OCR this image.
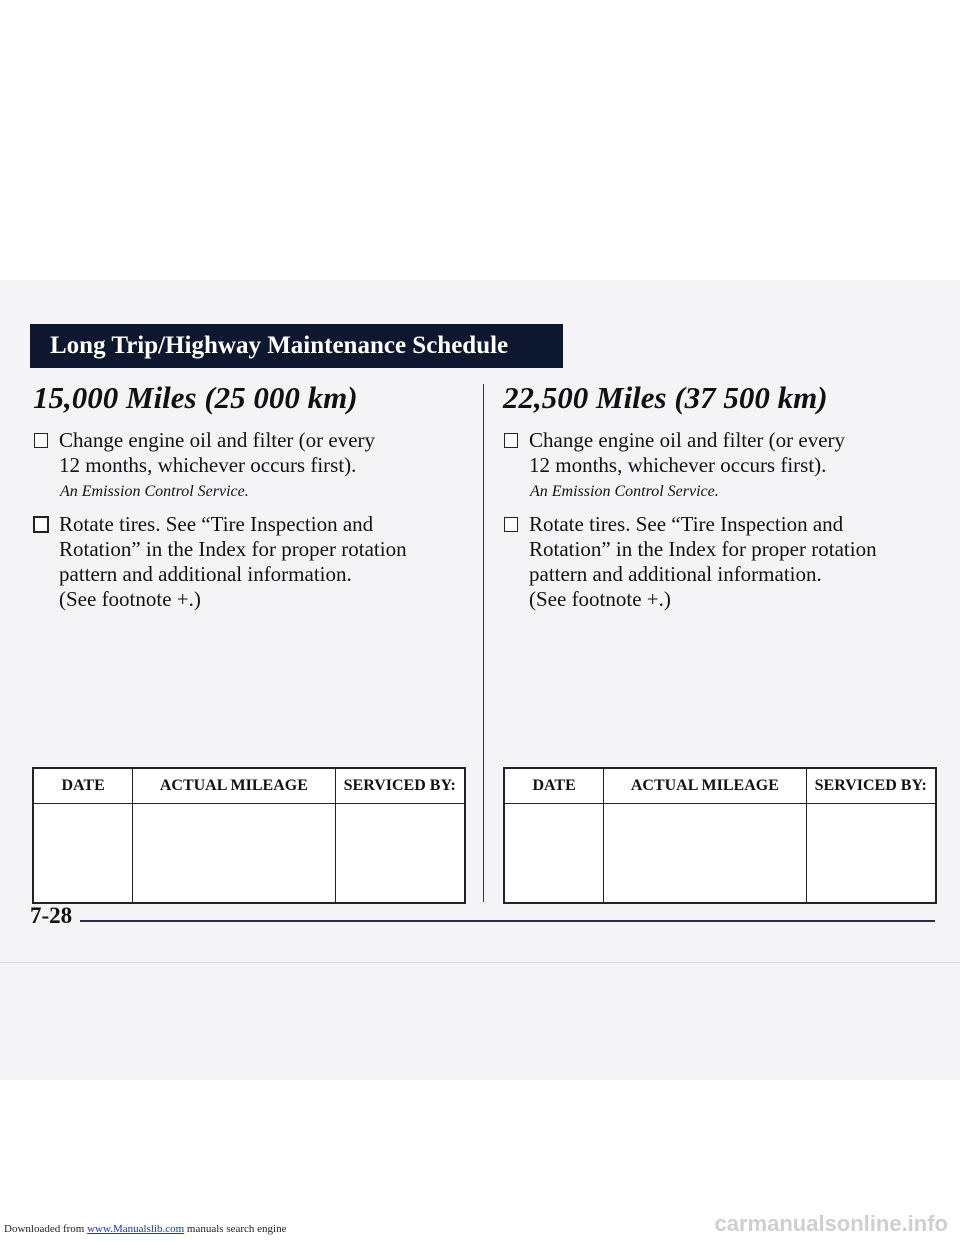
Long Trip/Highway Maintenance Schedule
15,000 Miles (25 000 km)
Change engine oil and filter (or every
12 months, whichever occurs first).
An Emission Control Service.
Rotate tires. See “Tire Inspection and
Rotation” in the Index for proper rotation
pattern and additional information.
(See footnote +.)
22,500 Miles (37 500 km)
Change engine oil and filter (or every
12 months, whichever occurs first).
An Emission Control Service.
Rotate tires. See “Tire Inspection and
Rotation” in the Index for proper rotation
pattern and additional information.
(See footnote +.)
DATE	ACTUAL MILEAGE	SERVICED BY:
			DATE	ACTUAL MILEAGE	SERVICED BY:

7-28
Downloaded from www.Manualslib.com manuals search engine	carmanualsonline.info
